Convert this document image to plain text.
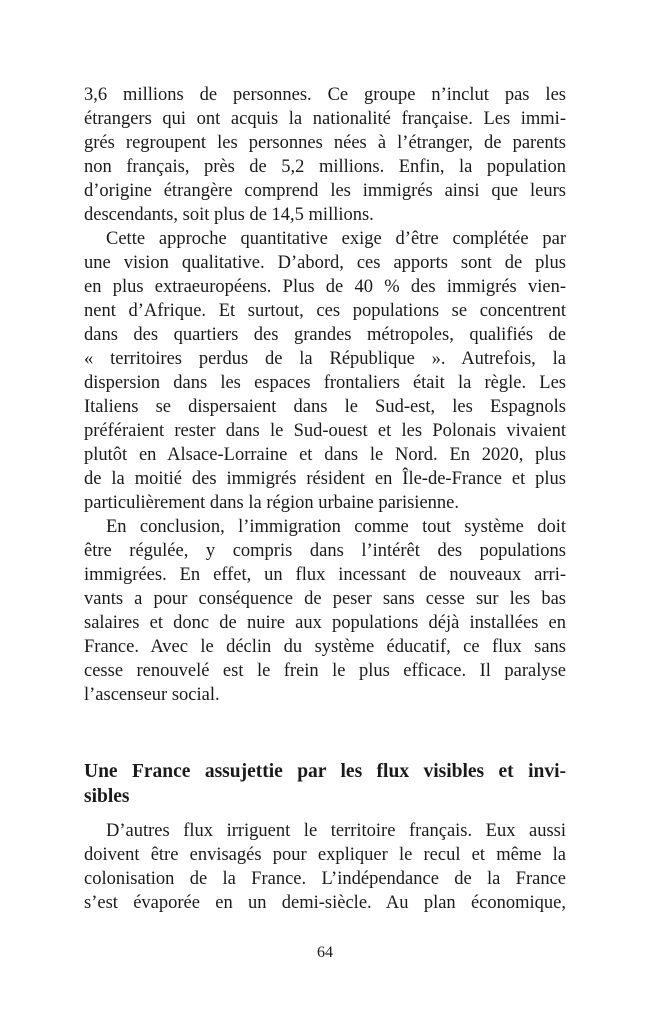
3,6 millions de personnes. Ce groupe n’inclut pas les
étrangers qui ont acquis la nationalité française. Les immi-
grés regroupent les personnes nées à l’étranger, de parents
non français, près de 5,2 millions. Enfin, la population
d’origine étrangère comprend les immigrés ainsi que leurs
descendants, soit plus de 14,5 millions.
Cette approche quantitative exige d’être complétée par
une vision qualitative. D’abord, ces apports sont de plus
en plus extraeuropéens. Plus de 40 % des immigrés vien-
nent d’Afrique. Et surtout, ces populations se concentrent
dans des quartiers des grandes métropoles, qualifiés de
« territoires perdus de la République ». Autrefois, la
dispersion dans les espaces frontaliers était la règle. Les
Italiens se dispersaient dans le Sud-est, les Espagnols
préféraient rester dans le Sud-ouest et les Polonais vivaient
plutôt en Alsace-Lorraine et dans le Nord. En 2020, plus
de la moitié des immigrés résident en Île-de-France et plus
particulièrement dans la région urbaine parisienne.
En conclusion, l’immigration comme tout système doit
être régulée, y compris dans l’intérêt des populations
immigrées. En effet, un flux incessant de nouveaux arri-
vants a pour conséquence de peser sans cesse sur les bas
salaires et donc de nuire aux populations déjà installées en
France. Avec le déclin du système éducatif, ce flux sans
cesse renouvelé est le frein le plus efficace. Il paralyse
l’ascenseur social.
Une France assujettie par les flux visibles et invi-
sibles
D’autres flux irriguent le territoire français. Eux aussi
doivent être envisagés pour expliquer le recul et même la
colonisation de la France. L’indépendance de la France
s’est évaporée en un demi-siècle. Au plan économique,
64
